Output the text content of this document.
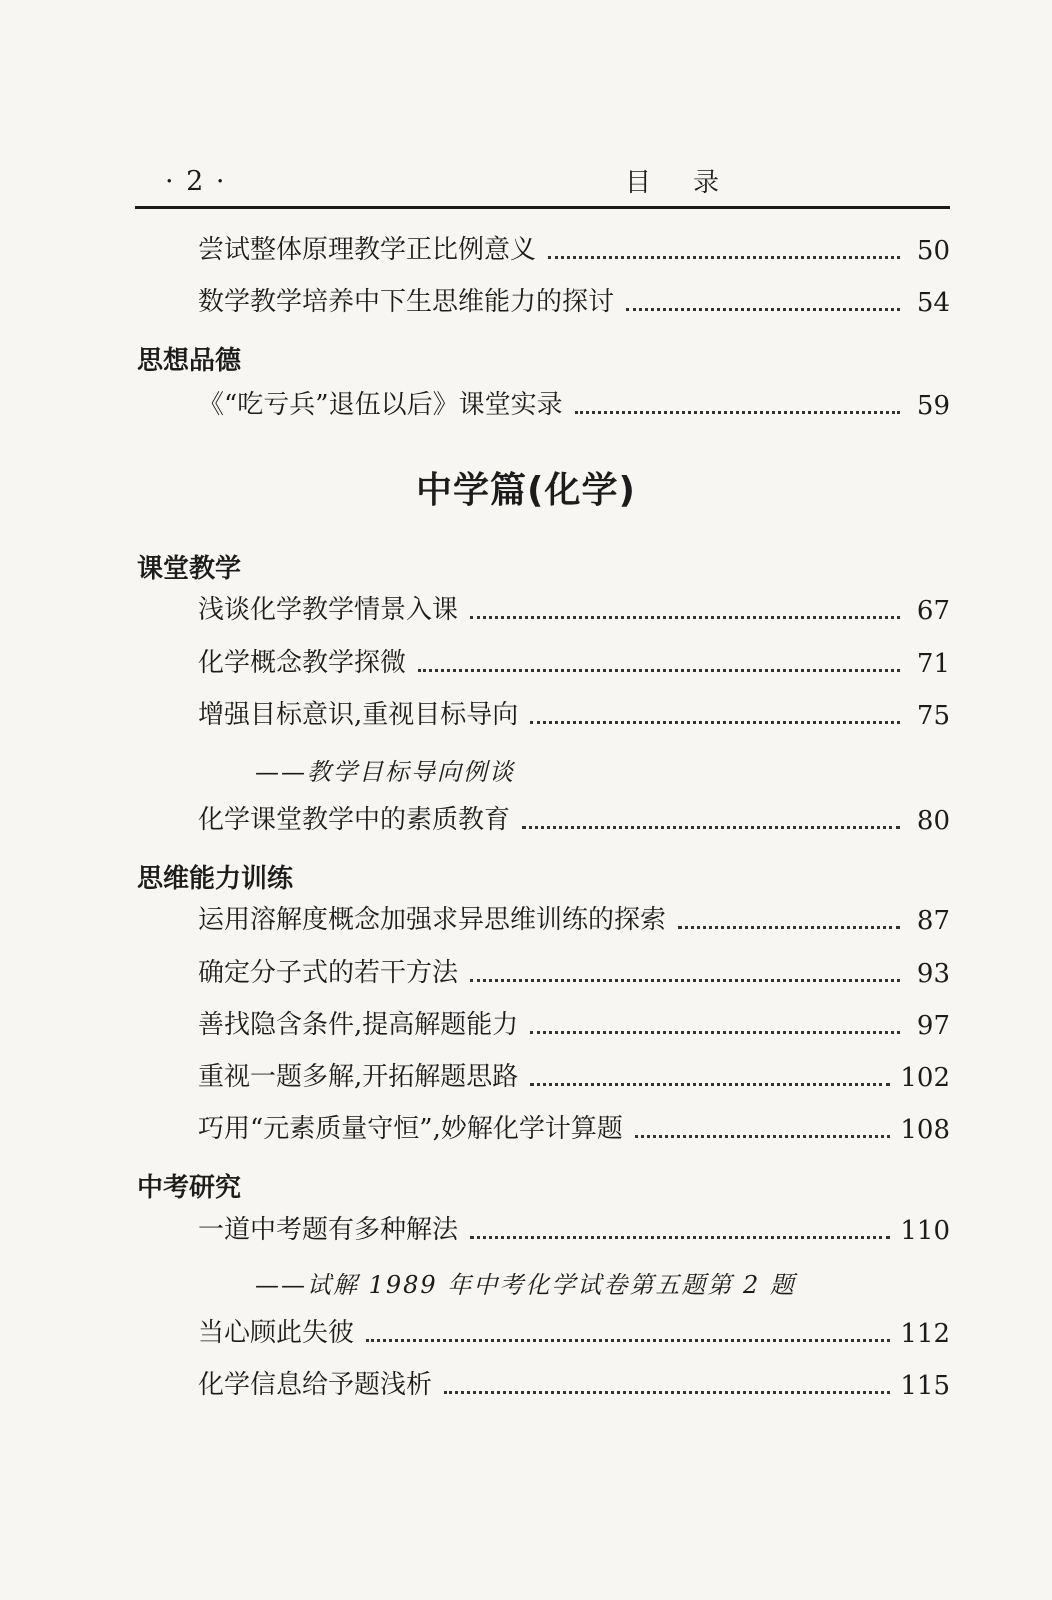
· 2 ·	目录
尝试整体原理教学正比例意义	50
数学教学培养中下生思维能力的探讨	54
思想品德
《“吃亏兵”退伍以后》课堂实录	59
中学篇(化学)
课堂教学
浅谈化学教学情景入课	67
化学概念教学探微	71
增强目标意识,重视目标导向	75
——教学目标导向例谈
化学课堂教学中的素质教育	80
思维能力训练
运用溶解度概念加强求异思维训练的探索	87
确定分子式的若干方法	93
善找隐含条件,提高解题能力	97
重视一题多解,开拓解题思路	102
巧用“元素质量守恒”,妙解化学计算题	108
中考研究
一道中考题有多种解法	110
——试解 1989 年中考化学试卷第五题第 2 题
当心顾此失彼	112
化学信息给予题浅析	115
